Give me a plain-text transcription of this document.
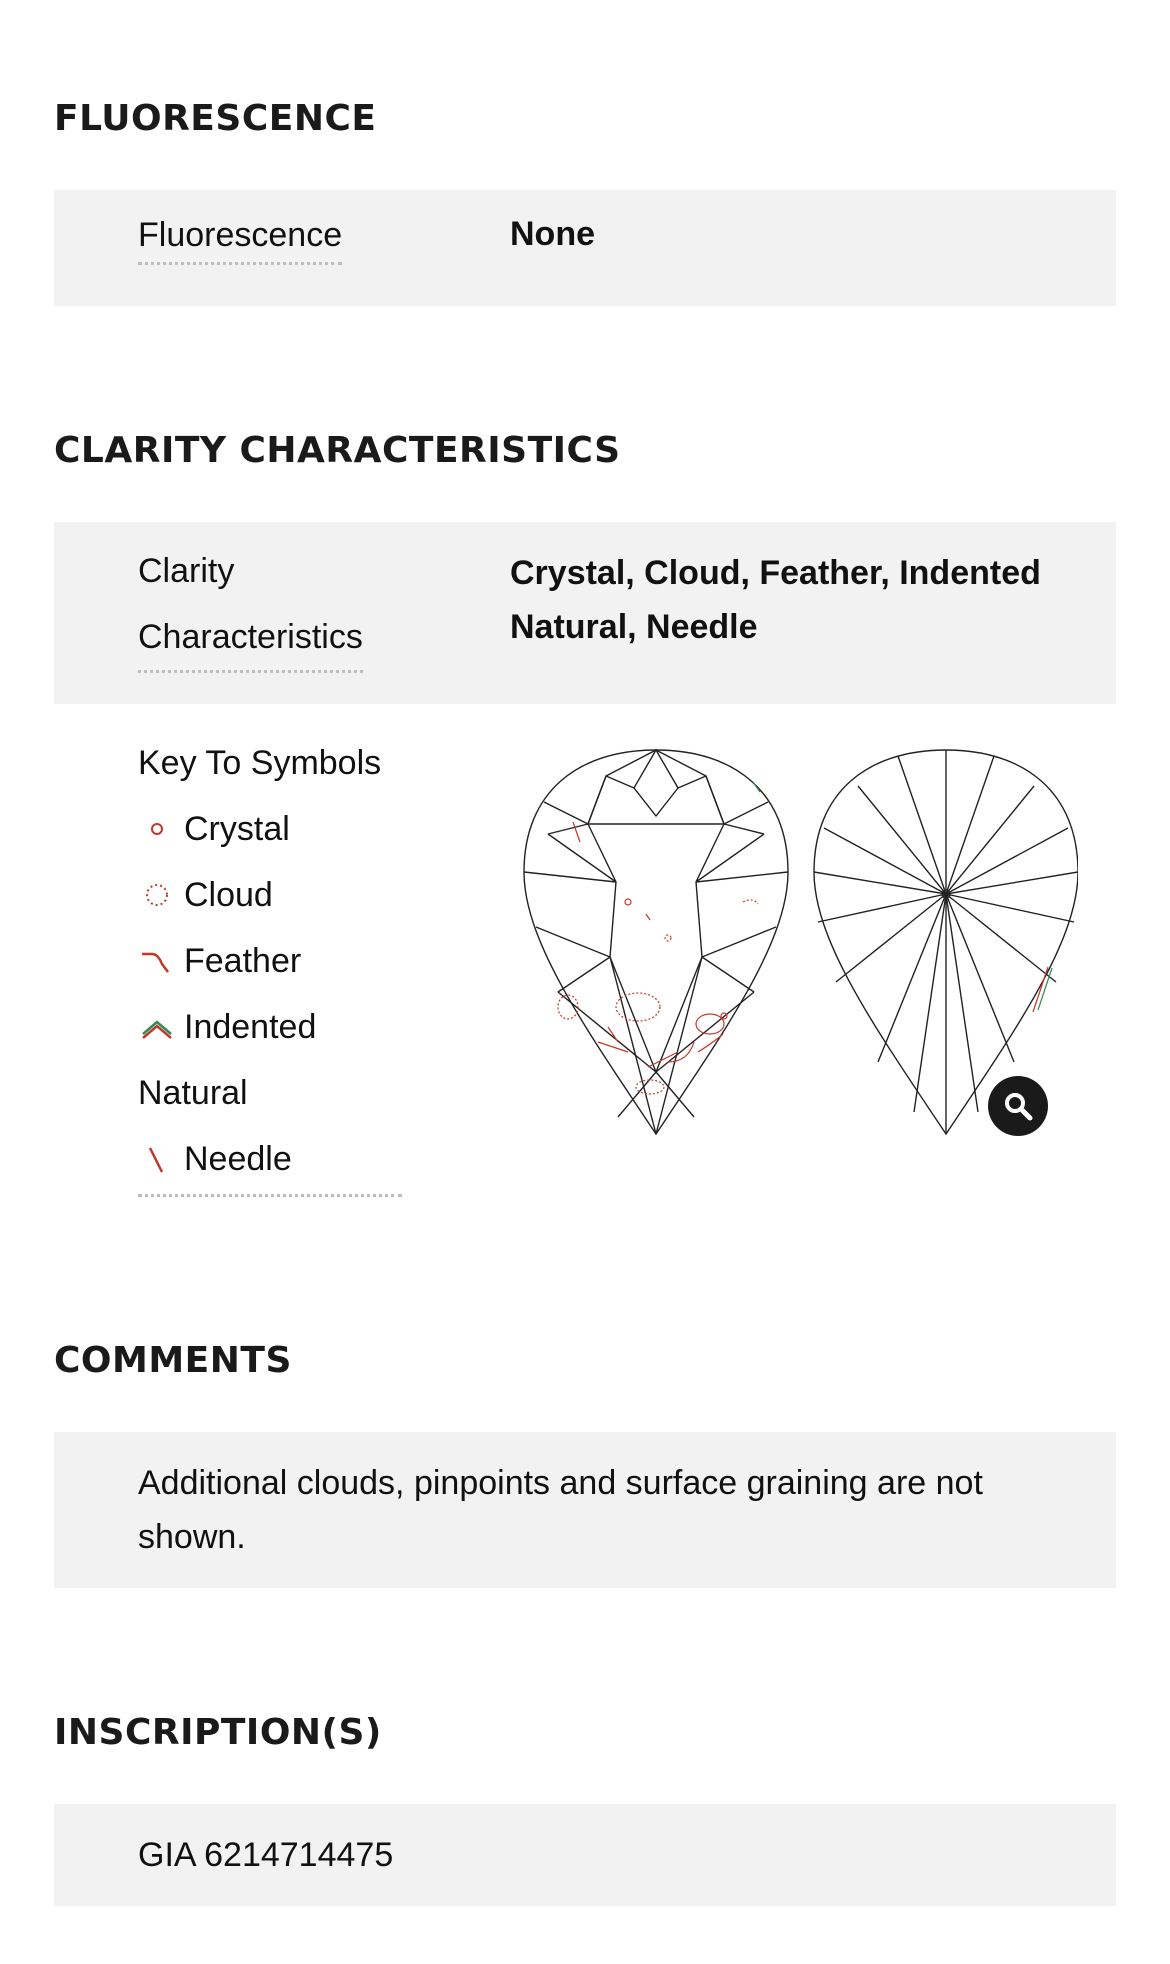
FLUORESCENCE
Fluorescence	None
CLARITY CHARACTERISTICS
Clarity
Characteristics
Crystal, Cloud, Feather, Indented
Natural, Needle
Key To Symbols
Crystal
Cloud
Feather
Indented
Natural
Needle
COMMENTS
Additional clouds, pinpoints and surface graining are not shown.
INSCRIPTION(S)
GIA 6214714475
